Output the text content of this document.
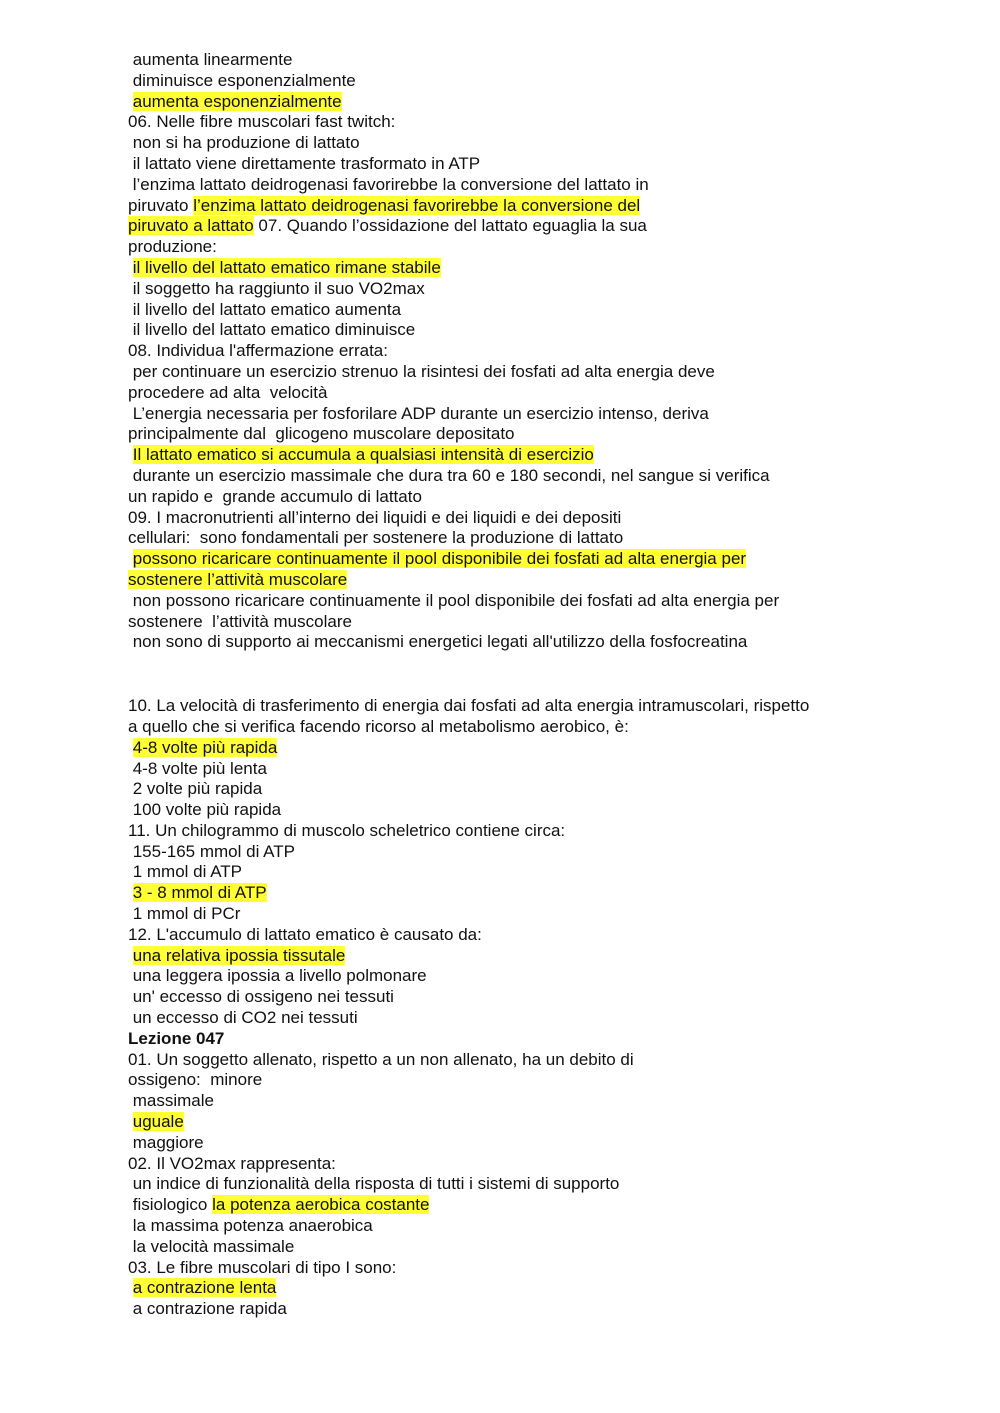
aumenta linearmente
diminuisce esponenzialmente
aumenta esponenzialmente
06. Nelle fibre muscolari fast twitch:
non si ha produzione di lattato
il lattato viene direttamente trasformato in ATP
l’enzima lattato deidrogenasi favorirebbe la conversione del lattato in
piruvato l’enzima lattato deidrogenasi favorirebbe la conversione del
piruvato a lattato 07. Quando l’ossidazione del lattato eguaglia la sua
produzione:
il livello del lattato ematico rimane stabile
il soggetto ha raggiunto il suo VO2max
il livello del lattato ematico aumenta
il livello del lattato ematico diminuisce
08. Individua l'affermazione errata:
per continuare un esercizio strenuo la risintesi dei fosfati ad alta energia deve
procedere ad alta  velocità
L’energia necessaria per fosforilare ADP durante un esercizio intenso, deriva
principalmente dal  glicogeno muscolare depositato
Il lattato ematico si accumula a qualsiasi intensità di esercizio
durante un esercizio massimale che dura tra 60 e 180 secondi, nel sangue si verifica
un rapido e  grande accumulo di lattato
09. I macronutrienti all’interno dei liquidi e dei liquidi e dei depositi
cellulari:  sono fondamentali per sostenere la produzione di lattato
possono ricaricare continuamente il pool disponibile dei fosfati ad alta energia per
sostenere l’attività muscolare
non possono ricaricare continuamente il pool disponibile dei fosfati ad alta energia per
sostenere  l’attività muscolare
non sono di supporto ai meccanismi energetici legati all'utilizzo della fosfocreatina
10. La velocità di trasferimento di energia dai fosfati ad alta energia intramuscolari, rispetto
a quello che si verifica facendo ricorso al metabolismo aerobico, è:
4-8 volte più rapida
4-8 volte più lenta
2 volte più rapida
100 volte più rapida
11. Un chilogrammo di muscolo scheletrico contiene circa:
155-165 mmol di ATP
1 mmol di ATP
3 - 8 mmol di ATP
1 mmol di PCr
12. L'accumulo di lattato ematico è causato da:
una relativa ipossia tissutale
una leggera ipossia a livello polmonare
un' eccesso di ossigeno nei tessuti
un eccesso di CO2 nei tessuti
Lezione 047
01. Un soggetto allenato, rispetto a un non allenato, ha un debito di
ossigeno:  minore
massimale
uguale
maggiore
02. Il VO2max rappresenta:
un indice di funzionalità della risposta di tutti i sistemi di supporto
fisiologico la potenza aerobica costante
la massima potenza anaerobica
la velocità massimale
03. Le fibre muscolari di tipo I sono:
a contrazione lenta
a contrazione rapida
